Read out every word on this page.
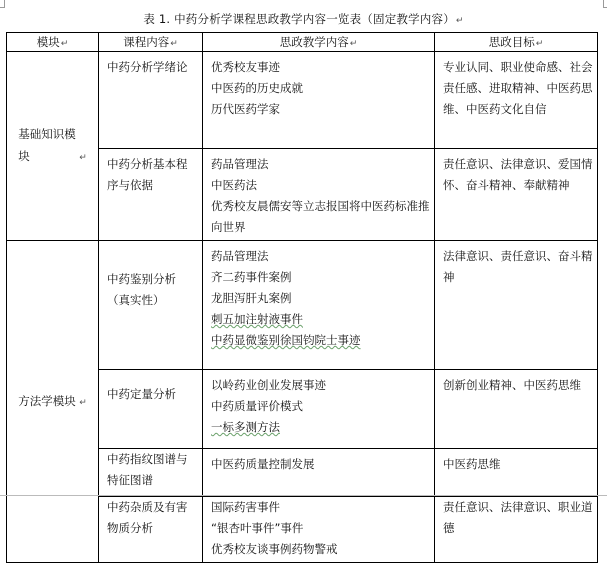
表 1. 中药分析学课程思政教学内容一览表（固定教学内容）↵
模块↵	课程内容↵	思政教学内容↵	思政目标↵
基础知识模块 ↵	中药分析学绪论	优秀校友事迹
中医药的历史成就
历代医药学家	专业认同、职业使命感、社会责任感、进取精神、中医药思维、中医药文化自信

	中药分析基本程序与依据	药品管理法
中医药法
优秀校友晨儒安等立志报国将中医药标准推向世界	责任意识、法律意识、爱国情怀、奋斗精神、奉献精神

方法学模块 ↵	中药鉴别分析（真实性）	药品管理法
齐二药事件案例
龙胆泻肝丸案例
刺五加注射液事件
中药显微鉴别徐国钧院士事迹	法律意识、责任意识、奋斗精神

	中药定量分析	以岭药业创业发展事迹
中药质量评价模式
一标多测方法	创新创业精神、中医药思维

	中药指纹图谱与特征图谱	中医药质量控制发展	中医药思维

	中药杂质及有害物质分析	国际药害事件
“银杏叶事件”事件
优秀校友谈事例药物警戒	责任意识、法律意识、职业道德
